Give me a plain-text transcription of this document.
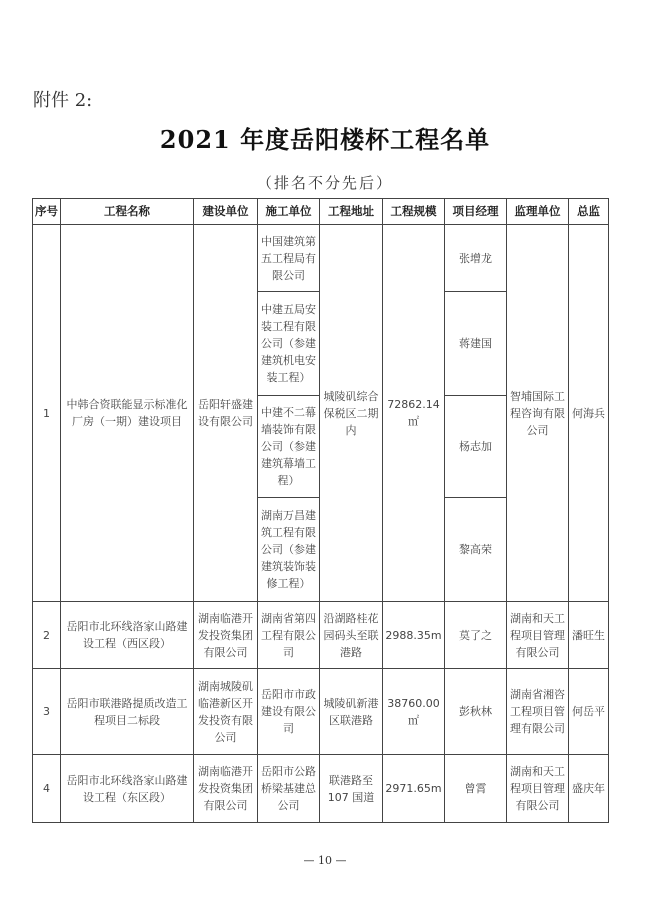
附件 2:
2021 年度岳阳楼杯工程名单
（排名不分先后）
序号	工程名称	建设单位	施工单位	工程地址	工程规模	项目经理	监理单位	总监
1	中韩合资联能显示标准化厂房（一期）建设项目	岳阳轩盛建设有限公司	中国建筑第五工程局有限公司	城陵矶综合保税区二期内	72862.14㎡	张增龙	智埔国际工程咨询有限公司	何海兵
			中建五局安装工程有限公司（参建建筑机电安装工程）			蒋建国		
			中建不二幕墙装饰有限公司（参建建筑幕墙工程）			杨志加		
			湖南万昌建筑工程有限公司（参建建筑装饰装修工程）			黎高荣		
2	岳阳市北环线洛家山路建设工程（西区段）	湖南临港开发投资集团有限公司	湖南省第四工程有限公司	沿湖路桂花园码头至联港路	2988.35m	莫了之	湖南和天工程项目管理有限公司	潘旺生
3	岳阳市联港路提质改造工程项目二标段	湖南城陵矶临港新区开发投资有限公司	岳阳市市政建设有限公司	城陵矶新港区联港路	38760.00㎡	彭秋林	湖南省湘咨工程项目管理有限公司	何岳平
4	岳阳市北环线洛家山路建设工程（东区段）	湖南临港开发投资集团有限公司	岳阳市公路桥梁基建总公司	联港路至107 国道	2971.65m	曾霄	湖南和天工程项目管理有限公司	盛庆年
— 10 —
